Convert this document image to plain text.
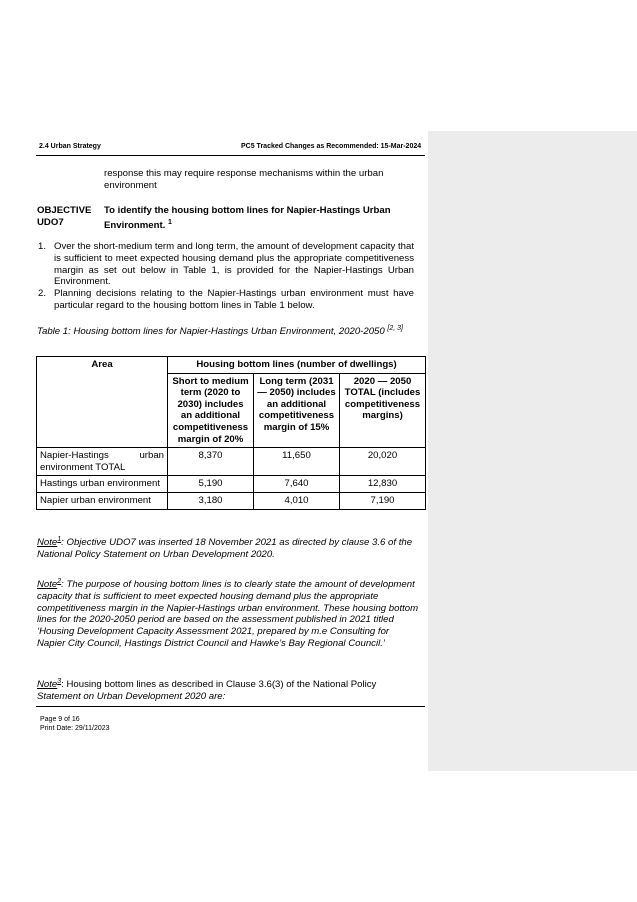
2.4 Urban Strategy	PC5 Tracked Changes as Recommended: 15-Mar-2024
response this may require response mechanisms within the urban environment
OBJECTIVE UDO7
To identify the housing bottom lines for Napier-Hastings Urban Environment. $^1$
1. Over the short-medium term and long term, the amount of development capacity that is sufficient to meet expected housing demand plus the appropriate competitiveness margin as set out below in Table 1, is provided for the Napier-Hastings Urban Environment.
2. Planning decisions relating to the Napier-Hastings urban environment must have particular regard to the housing bottom lines in Table 1 below.
Table 1: Housing bottom lines for Napier-Hastings Urban Environment, 2020-2050 [2, 3]
Area	Housing bottom lines (number of dwellings)		
	Short to medium term (2020 to 2030) includes an additional competitiveness margin of 20%	Long term (2031 — 2050) includes an additional competitiveness margin of 15%	2020 — 2050 TOTAL (includes competitiveness margins)

Napier-Hastings urban
environment TOTAL	8,370	11,650	20,020
Hastings urban environment	5,190	7,640	12,830
Napier urban environment	3,180	4,010	7,190
Note$^1$: Objective UDO7 was inserted 18 November 2021 as directed by clause 3.6 of the National Policy Statement on Urban Development 2020.
Note$^2$: The purpose of housing bottom lines is to clearly state the amount of development capacity that is sufficient to meet expected housing demand plus the appropriate competitiveness margin in the Napier-Hastings urban environment. These housing bottom lines for the 2020-2050 period are based on the assessment published in 2021 titled ‘Housing Development Capacity Assessment 2021, prepared by m.e Consulting for Napier City Council, Hastings District Council and Hawke’s Bay Regional Council.’
Note$^3$: Housing bottom lines as described in Clause 3.6(3) of the National Policy Statement on Urban Development 2020 are:
Page 9 of 16
Print Date: 29/11/2023
